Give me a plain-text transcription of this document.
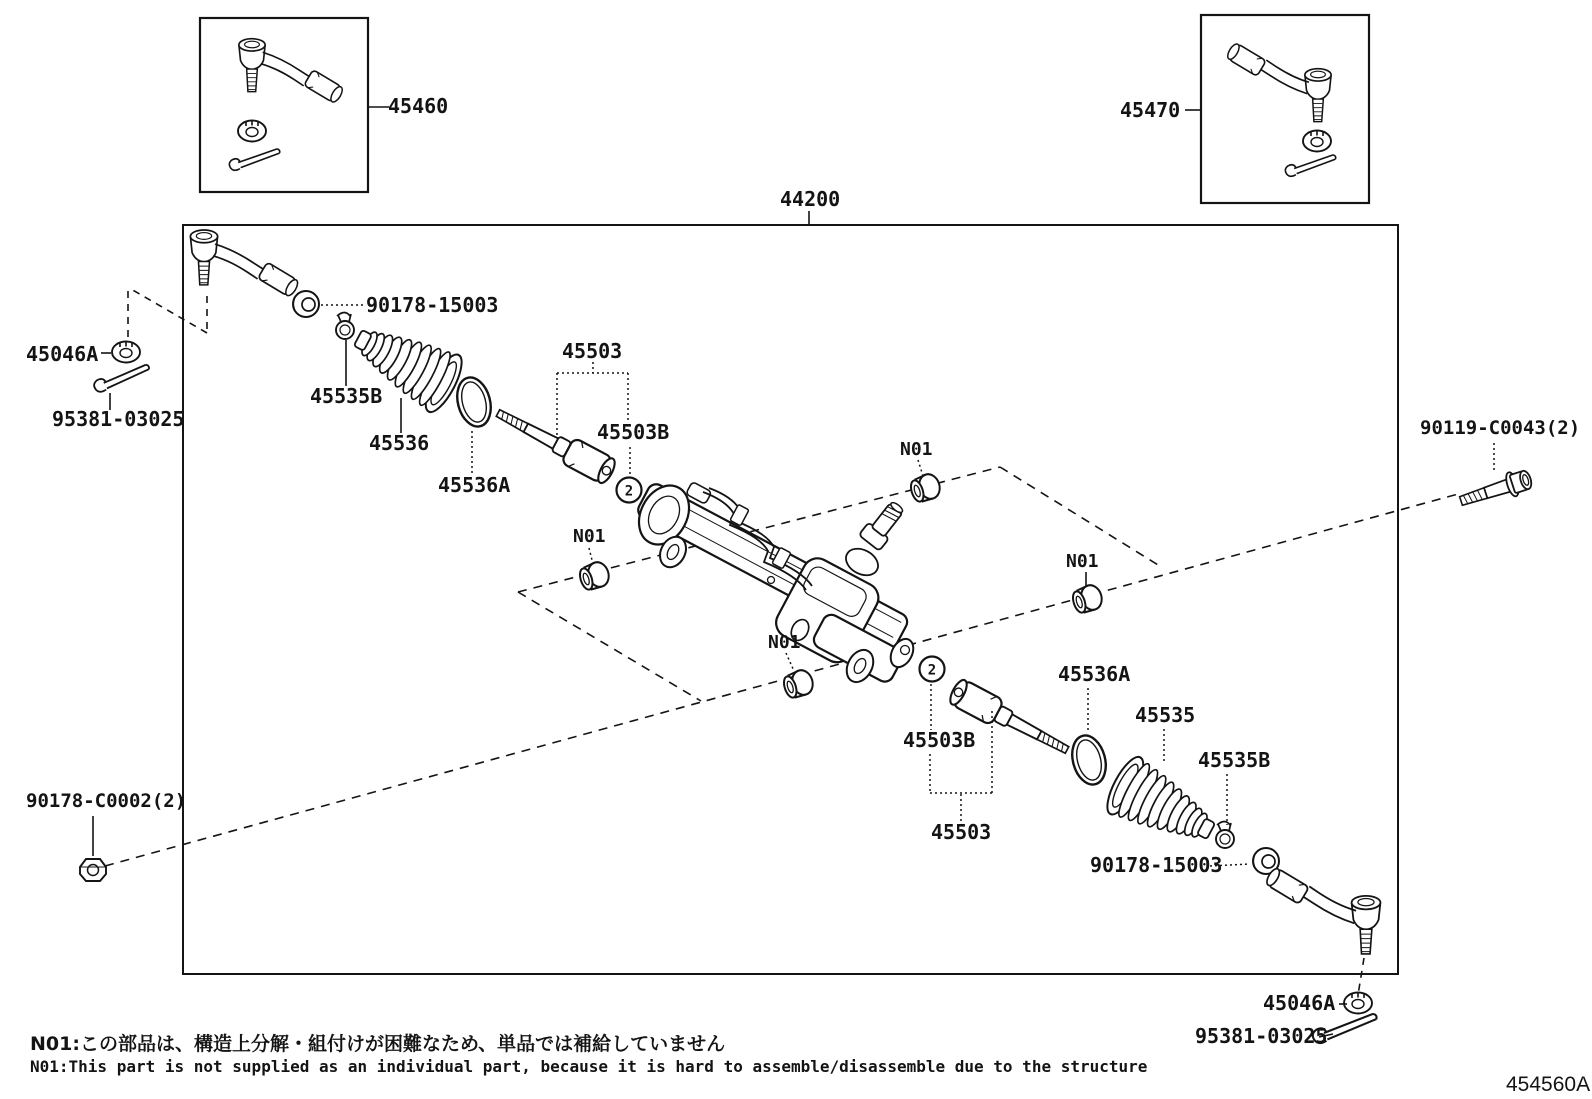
2
2
45460	45470
44200
90178-15003
45046A
95381-03025
45535B
45536
45536A
45503
45503B
N01
N01
90119-C0043(2)
N01
N01
45503B
45536A
45535
45535B
45503
90178-15003
45046A
95381-03025
90178-C0002(2)
N01:この部品は、構造上分解・組付けが困難なため、単品では補給していません
N01:This part is not supplied as an individual part, because it is hard to assemble/disassemble due to the structure
454560A
